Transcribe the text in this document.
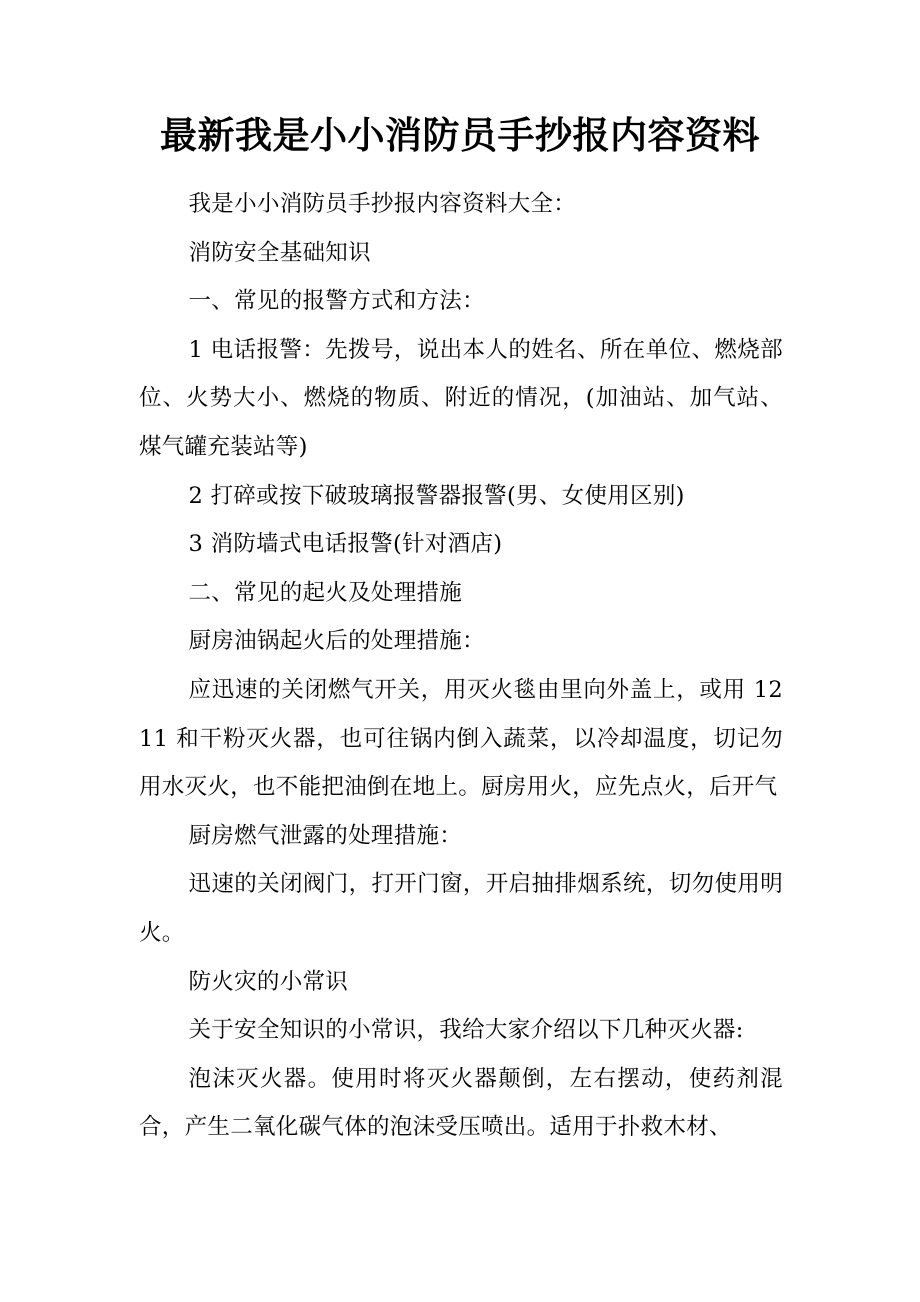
最新我是小小消防员手抄报内容资料

我是小小消防员手抄报内容资料大全：

消防安全基础知识

一、常见的报警方式和方法：

1 电话报警：先拨号，说出本人的姓名、所在单位、燃烧部位、火势大小、燃烧的物质、附近的情况，(加油站、加气站、煤气罐充装站等)

2 打碎或按下破玻璃报警器报警(男、女使用区别)

3 消防墙式电话报警(针对酒店)

二、常见的起火及处理措施

厨房油锅起火后的处理措施：

应迅速的关闭燃气开关，用灭火毯由里向外盖上，或用 1211 和干粉灭火器，也可往锅内倒入蔬菜，以冷却温度，切记勿用水灭火，也不能把油倒在地上。厨房用火，应先点火，后开气

厨房燃气泄露的处理措施：

迅速的关闭阀门，打开门窗，开启抽排烟系统，切勿使用明火。

防火灾的小常识

关于安全知识的小常识，我给大家介绍以下几种灭火器:

泡沫灭火器。使用时将灭火器颠倒，左右摆动，使药剂混合，产生二氧化碳气体的泡沫受压喷出。适用于扑救木材、
